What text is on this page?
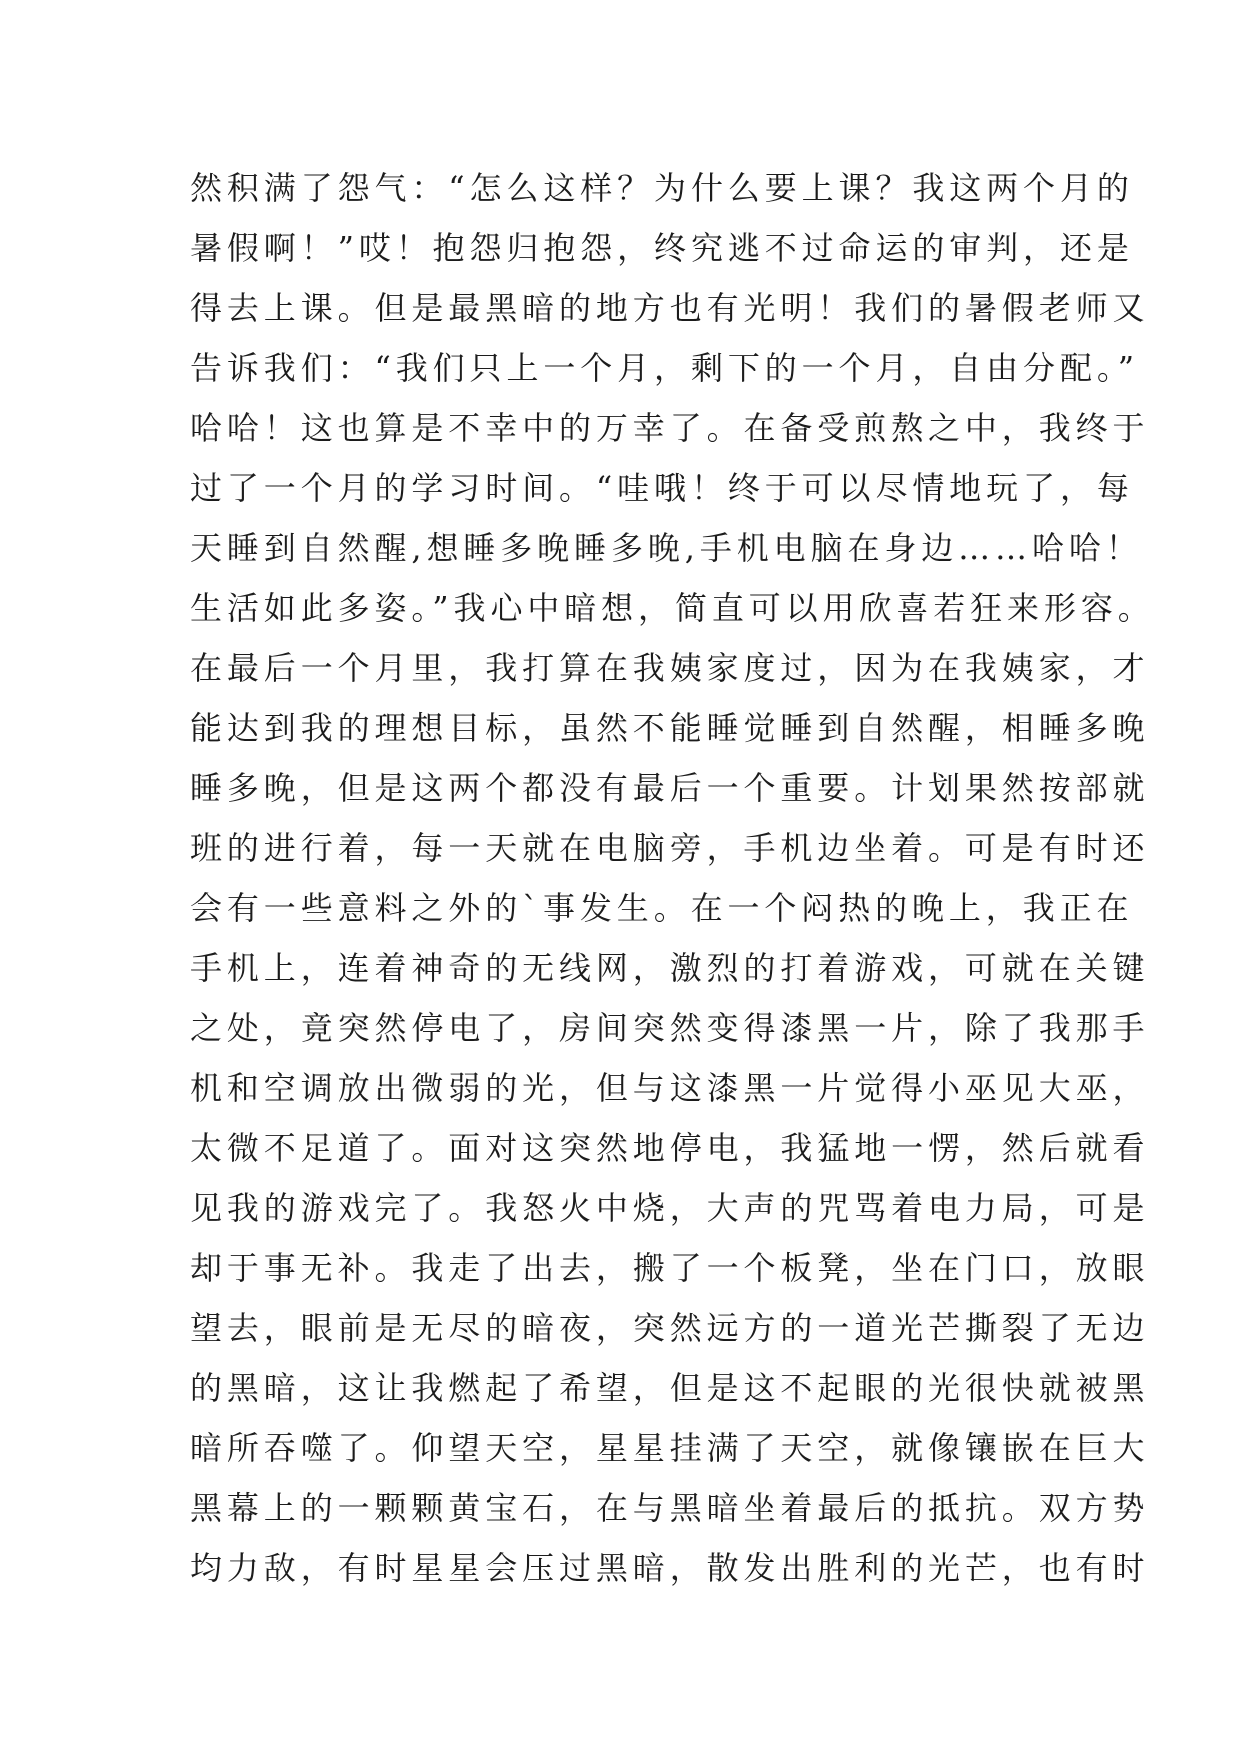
然积满了怨气：“怎么这样？为什么要上课？我这两个月的
暑假啊！”哎！抱怨归抱怨，终究逃不过命运的审判，还是
得去上课。但是最黑暗的地方也有光明！我们的暑假老师又
告诉我们：“我们只上一个月，剩下的一个月，自由分配。”
哈哈！这也算是不幸中的万幸了。在备受煎熬之中，我终于
过了一个月的学习时间。“哇哦！终于可以尽情地玩了，每
天睡到自然醒,想睡多晚睡多晚,手机电脑在身边……哈哈！
生活如此多姿。”我心中暗想，简直可以用欣喜若狂来形容。
在最后一个月里，我打算在我姨家度过，因为在我姨家，才
能达到我的理想目标，虽然不能睡觉睡到自然醒，相睡多晚
睡多晚，但是这两个都没有最后一个重要。计划果然按部就
班的进行着，每一天就在电脑旁，手机边坐着。可是有时还
会有一些意料之外的`事发生。在一个闷热的晚上，我正在
手机上，连着神奇的无线网，激烈的打着游戏，可就在关键
之处，竟突然停电了，房间突然变得漆黑一片，除了我那手
机和空调放出微弱的光，但与这漆黑一片觉得小巫见大巫，
太微不足道了。面对这突然地停电，我猛地一愣，然后就看
见我的游戏完了。我怒火中烧，大声的咒骂着电力局，可是
却于事无补。我走了出去，搬了一个板凳，坐在门口，放眼
望去，眼前是无尽的暗夜，突然远方的一道光芒撕裂了无边
的黑暗，这让我燃起了希望，但是这不起眼的光很快就被黑
暗所吞噬了。仰望天空，星星挂满了天空，就像镶嵌在巨大
黑幕上的一颗颗黄宝石，在与黑暗坐着最后的抵抗。双方势
均力敌，有时星星会压过黑暗，散发出胜利的光芒，也有时
